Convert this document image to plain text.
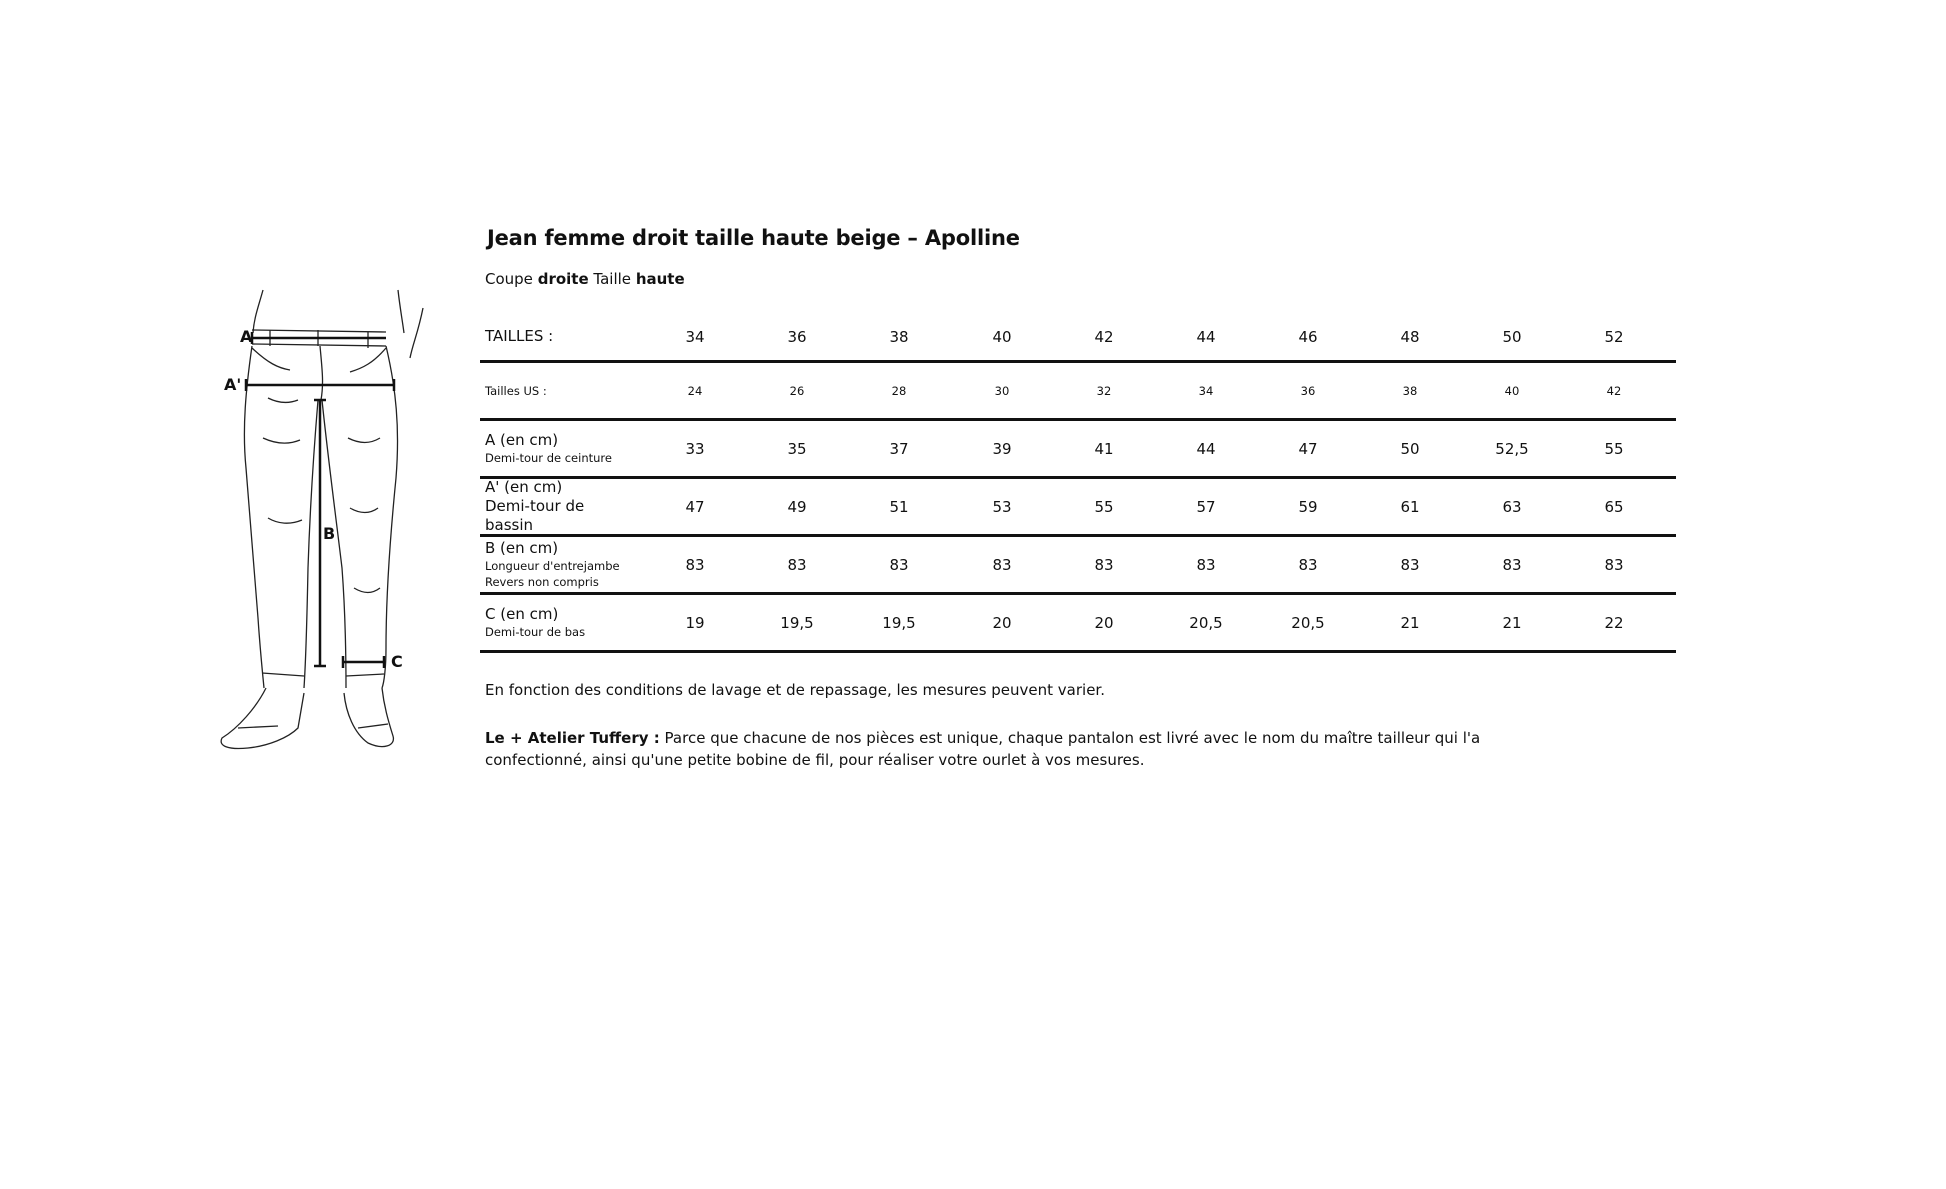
A
A'
B
C
Jean femme droit taille haute beige – Apolline
Coupe droite Taille haute
TAILLES :	34	36	38	40	42	44	46	48	50	52
Tailles US :	24	26	28	30	32	34	36	38	40	42
A (en cm)
Demi-tour de ceinture
33	35	37	39	41	44	47	50	52,5	55
A' (en cm)
Demi-tour de
bassin
47	49	51	53	55	57	59	61	63	65
B (en cm)
Longueur d'entrejambe
Revers non compris
83	83	83	83	83	83	83	83	83	83
C (en cm)
Demi-tour de bas
19	19,5	19,5	20	20	20,5	20,5	21	21	22
En fonction des conditions de lavage et de repassage, les mesures peuvent varier.
Le + Atelier Tuffery : Parce que chacune de nos pièces est unique, chaque pantalon est livré avec le nom du maître tailleur qui l'a confectionné, ainsi qu'une petite bobine de fil, pour réaliser votre ourlet à vos mesures.
